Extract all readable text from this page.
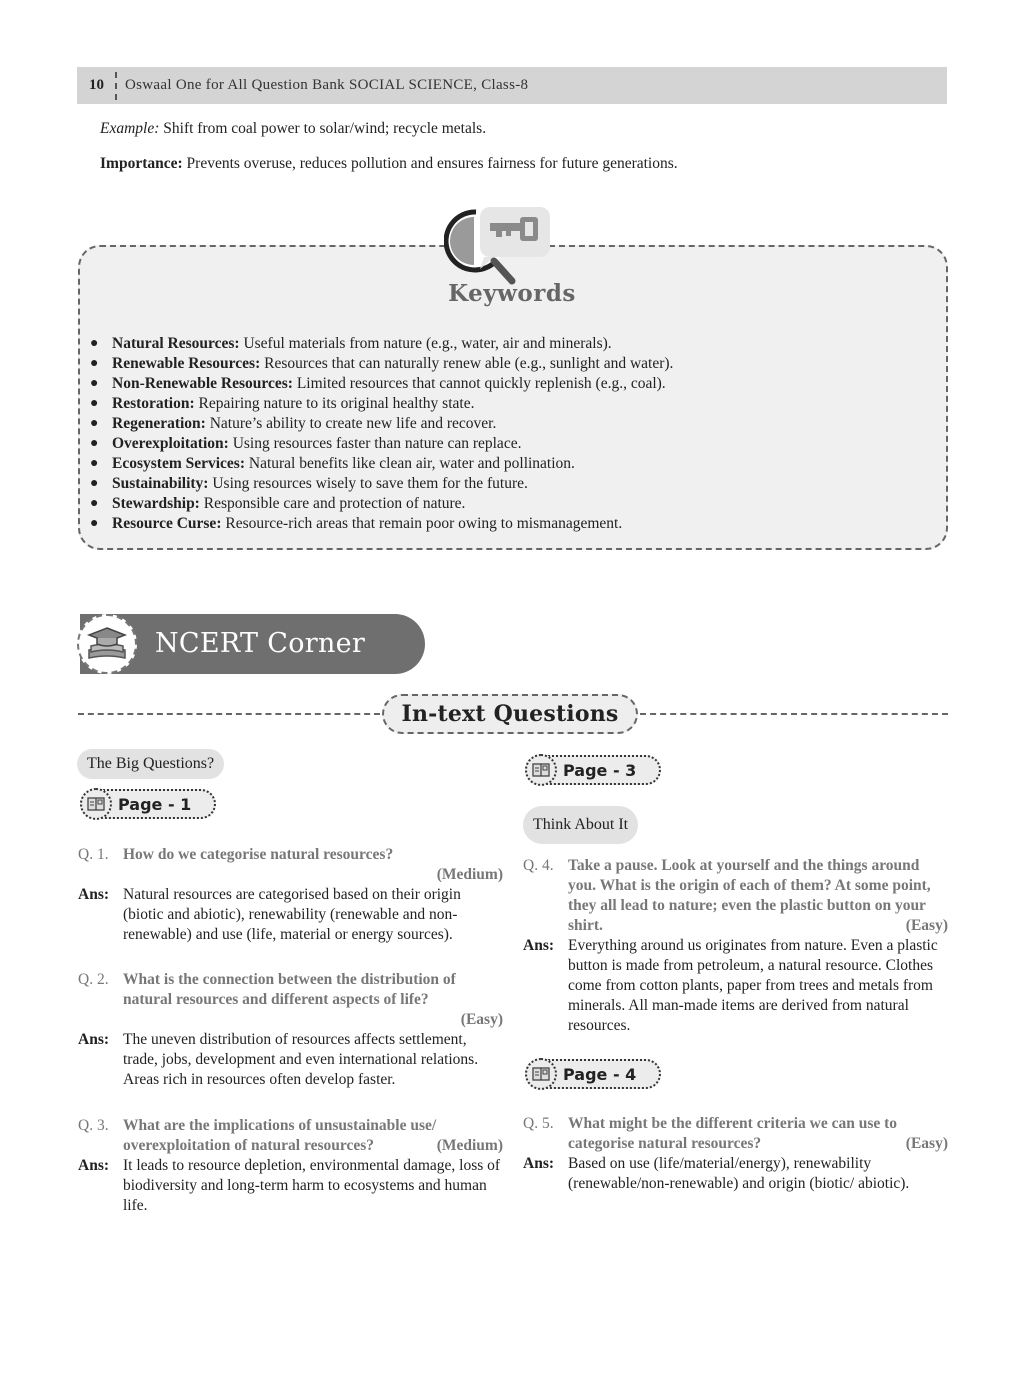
10	Oswaal One for All Question Bank SOCIAL SCIENCE, Class-8

Example: Shift from coal power to solar/wind; recycle metals.

Importance: Prevents overuse, reduces pollution and ensures fairness for future generations.

Keywords
● Natural Resources: Useful materials from nature (e.g., water, air and minerals).
● Renewable Resources: Resources that can naturally renew able (e.g., sunlight and water).
● Non-Renewable Resources: Limited resources that cannot quickly replenish (e.g., coal).
● Restoration: Repairing nature to its original healthy state.
● Regeneration: Nature’s ability to create new life and recover.
● Overexploitation: Using resources faster than nature can replace.
● Ecosystem Services: Natural benefits like clean air, water and pollination.
● Sustainability: Using resources wisely to save them for the future.
● Stewardship: Responsible care and protection of nature.
● Resource Curse: Resource-rich areas that remain poor owing to mismanagement.
NCERT Corner
In-text Questions
The Big Questions?
Page - 1
Q. 1. How do we categorise natural resources?
(Medium)
Ans: Natural resources are categorised based on their origin (biotic and abiotic), renewability (renewable and non-renewable) and use (life, material or energy sources).
Q. 2. What is the connection between the distribution of natural resources and different aspects of life?
(Easy)
Ans: The uneven distribution of resources affects settlement, trade, jobs, development and even international relations. Areas rich in resources often develop faster.
Q. 3. What are the implications of unsustainable use/ overexploitation of natural resources?	(Medium)
Ans: It leads to resource depletion, environmental damage, loss of biodiversity and long-term harm to ecosystems and human life.
Page - 3
Think About It
Q. 4. Take a pause. Look at yourself and the things around you. What is the origin of each of them? At some point, they all lead to nature; even the plastic button on your shirt.	(Easy)
Ans: Everything around us originates from nature. Even a plastic button is made from petroleum, a natural resource. Clothes come from cotton plants, paper from trees and metals from minerals. All man-made items are derived from natural resources.
Page - 4
Q. 5. What might be the different criteria we can use to categorise natural resources?	(Easy)
Ans: Based on use (life/material/energy), renewability (renewable/non-renewable) and origin (biotic/ abiotic).
